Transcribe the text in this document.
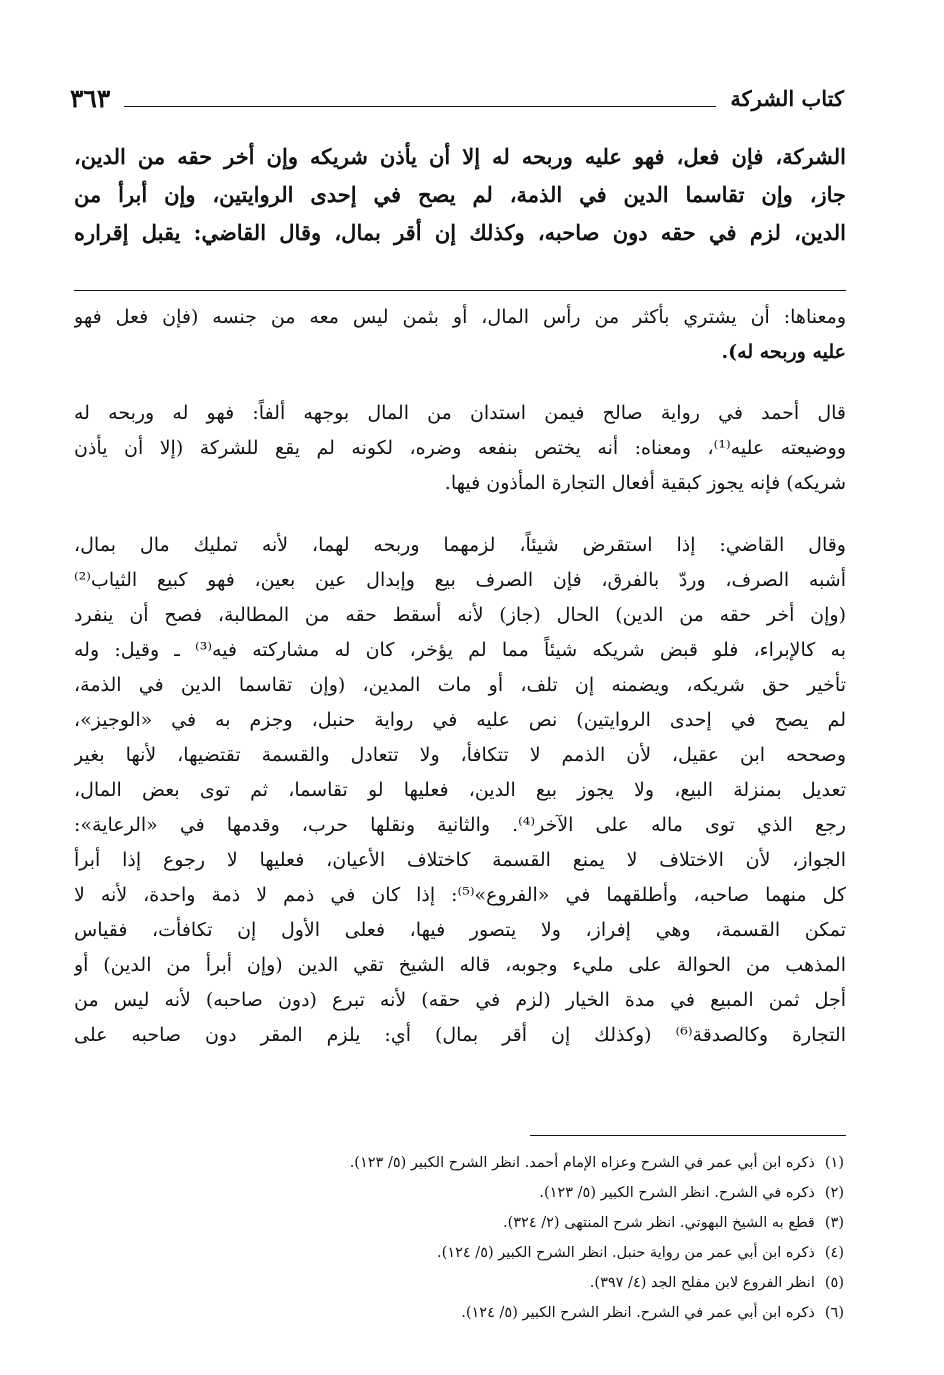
كتاب الشركة
٣٦٣
الشركة، فإن فعل، فهو عليه وربحه له إلا أن يأذن شريكه وإن أخر حقه من الدين،
جاز، وإن تقاسما الدين في الذمة، لم يصح في إحدى الروايتين، وإن أبرأ من
الدين، لزم في حقه دون صاحبه، وكذلك إن أقر بمال، وقال القاضي: يقبل إقراره
ومعناها: أن يشتري بأكثر من رأس المال، أو بثمن ليس معه من جنسه (فإن فعل فهو
عليه وربحه له).
قال أحمد في رواية صالح فيمن استدان من المال بوجهه ألفاً: فهو له وربحه له
ووضيعته عليه⁽¹⁾، ومعناه: أنه يختص بنفعه وضره، لكونه لم يقع للشركة (إلا أن يأذن
شريكه) فإنه يجوز كبقية أفعال التجارة المأذون فيها.
وقال القاضي: إذا استقرض شيئاً، لزمهما وربحه لهما، لأنه تمليك مال بمال،
أشبه الصرف، وردّ بالفرق، فإن الصرف بيع وإبدال عين بعين، فهو كبيع الثياب⁽²⁾
(وإن أخر حقه من الدين) الحال (جاز) لأنه أسقط حقه من المطالبة، فصح أن ينفرد
به كالإبراء، فلو قبض شريكه شيئاً مما لم يؤخر، كان له مشاركته فيه⁽³⁾ ـ وقيل: وله
تأخير حق شريكه، ويضمنه إن تلف، أو مات المدين، (وإن تقاسما الدين في الذمة،
لم يصح في إحدى الروايتين) نص عليه في رواية حنبل، وجزم به في «الوجيز»،
وصححه ابن عقيل، لأن الذمم لا تتكافأ، ولا تتعادل والقسمة تقتضيها، لأنها بغير
تعديل بمنزلة البيع، ولا يجوز بيع الدين، فعليها لو تقاسما، ثم توى بعض المال،
رجع الذي توى ماله على الآخر⁽⁴⁾. والثانية ونقلها حرب، وقدمها في «الرعاية»:
الجواز، لأن الاختلاف لا يمنع القسمة كاختلاف الأعيان، فعليها لا رجوع إذا أبرأ
كل منهما صاحبه، وأطلقهما في «الفروع»⁽⁵⁾: إذا كان في ذمم لا ذمة واحدة، لأنه لا
تمكن القسمة، وهي إفراز، ولا يتصور فيها، فعلى الأول إن تكافأت، فقياس
المذهب من الحوالة على مليء وجوبه، قاله الشيخ تقي الدين (وإن أبرأ من الدين) أو
أجل ثمن المبيع في مدة الخيار (لزم في حقه) لأنه تبرع (دون صاحبه) لأنه ليس من
التجارة وكالصدقة⁽⁶⁾ (وكذلك إن أقر بمال) أي: يلزم المقر دون صاحبه على
(١)ذكره ابن أبي عمر في الشرح وعزاه الإمام أحمد. انظر الشرح الكبير (٥/ ١٢٣).
(٢)ذكره في الشرح. انظر الشرح الكبير (٥/ ١٢٣).
(٣)قطع به الشيخ البهوتي. انظر شرح المنتهى (٢/ ٣٢٤).
(٤)ذكره ابن أبي عمر من رواية حنبل. انظر الشرح الكبير (٥/ ١٢٤).
(٥)انظر الفروع لابن مفلح الجد (٤/ ٣٩٧).
(٦)ذكره ابن أبي عمر في الشرح. انظر الشرح الكبير (٥/ ١٢٤).
